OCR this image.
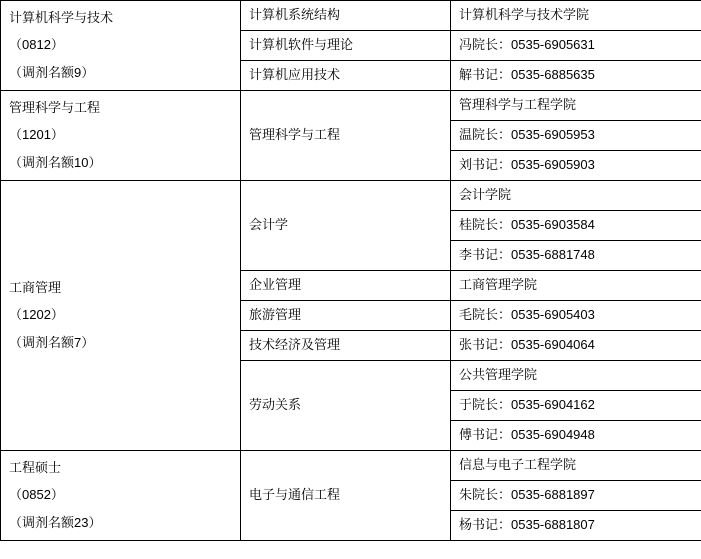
计算机科学与技术
（0812）
（调剂名额9）	计算机系统结构	计算机科学与技术学院
	计算机软件与理论	冯院长：0535-6905631
	计算机应用技术	解书记：0535-6885635

管理科学与工程
（1201）
（调剂名额10）	管理科学与工程	管理科学与工程学院
		温院长：0535-6905953
		刘书记：0535-6905903

工商管理
（1202）
（调剂名额7）	会计学	会计学院
		桂院长：0535-6903584
		李书记：0535-6881748
	企业管理	工商管理学院
	旅游管理	毛院长：0535-6905403
	技术经济及管理	张书记：0535-6904064
	劳动关系	公共管理学院
		于院长：0535-6904162
		傅书记：0535-6904948

工程硕士
（0852）
（调剂名额23）	电子与通信工程	信息与电子工程学院
		朱院长：0535-6881897
		杨书记：0535-6881807
